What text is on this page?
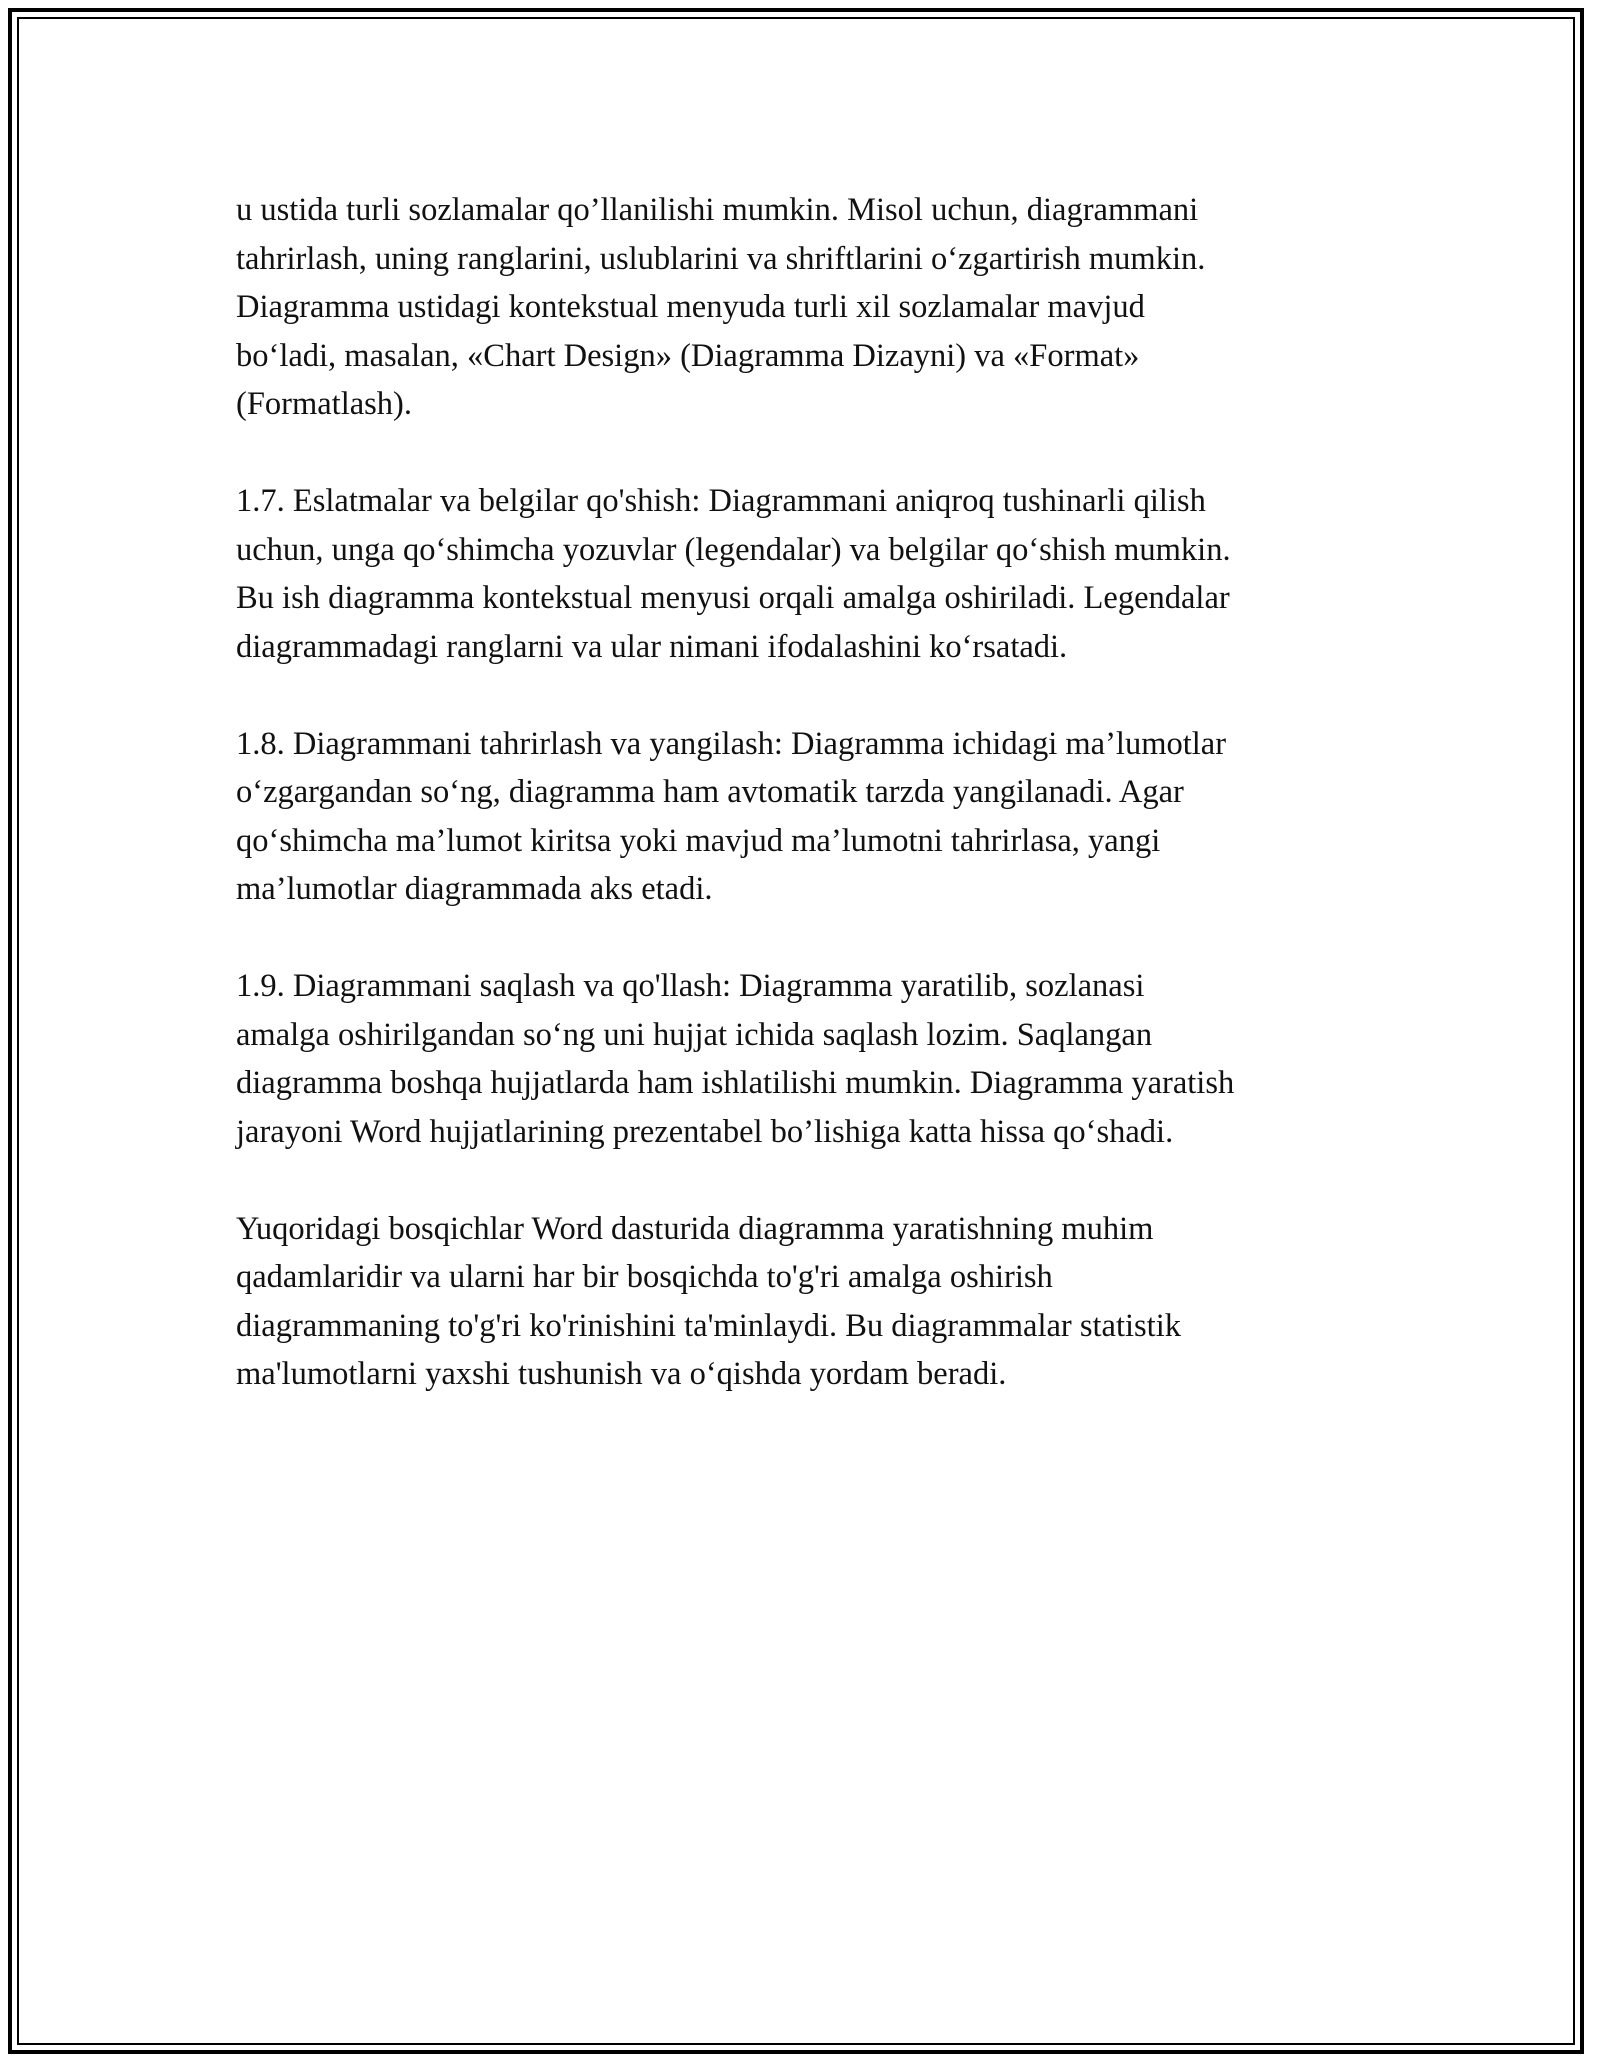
u ustida turli sozlamalar qo’llanilishi mumkin. Misol uchun, diagrammani
tahrirlash, uning ranglarini, uslublarini va shriftlarini o‘zgartirish mumkin.
Diagramma ustidagi kontekstual menyuda turli xil sozlamalar mavjud
bo‘ladi, masalan, «Chart Design» (Diagramma Dizayni) va «Format»
(Formatlash).

1.7. Eslatmalar va belgilar qo'shish: Diagrammani aniqroq tushinarli qilish
uchun, unga qo‘shimcha yozuvlar (legendalar) va belgilar qo‘shish mumkin.
Bu ish diagramma kontekstual menyusi orqali amalga oshiriladi. Legendalar
diagrammadagi ranglarni va ular nimani ifodalashini ko‘rsatadi.

1.8. Diagrammani tahrirlash va yangilash: Diagramma ichidagi ma’lumotlar
o‘zgargandan so‘ng, diagramma ham avtomatik tarzda yangilanadi. Agar
qo‘shimcha ma’lumot kiritsa yoki mavjud ma’lumotni tahrirlasa, yangi
ma’lumotlar diagrammada aks etadi.

1.9. Diagrammani saqlash va qo'llash: Diagramma yaratilib, sozlanasi
amalga oshirilgandan so‘ng uni hujjat ichida saqlash lozim. Saqlangan
diagramma boshqa hujjatlarda ham ishlatilishi mumkin. Diagramma yaratish
jarayoni Word hujjatlarining prezentabel bo’lishiga katta hissa qo‘shadi.

Yuqoridagi bosqichlar Word dasturida diagramma yaratishning muhim
qadamlaridir va ularni har bir bosqichda to'g'ri amalga oshirish
diagrammaning to'g'ri ko'rinishini ta'minlaydi. Bu diagrammalar statistik
ma'lumotlarni yaxshi tushunish va o‘qishda yordam beradi.
